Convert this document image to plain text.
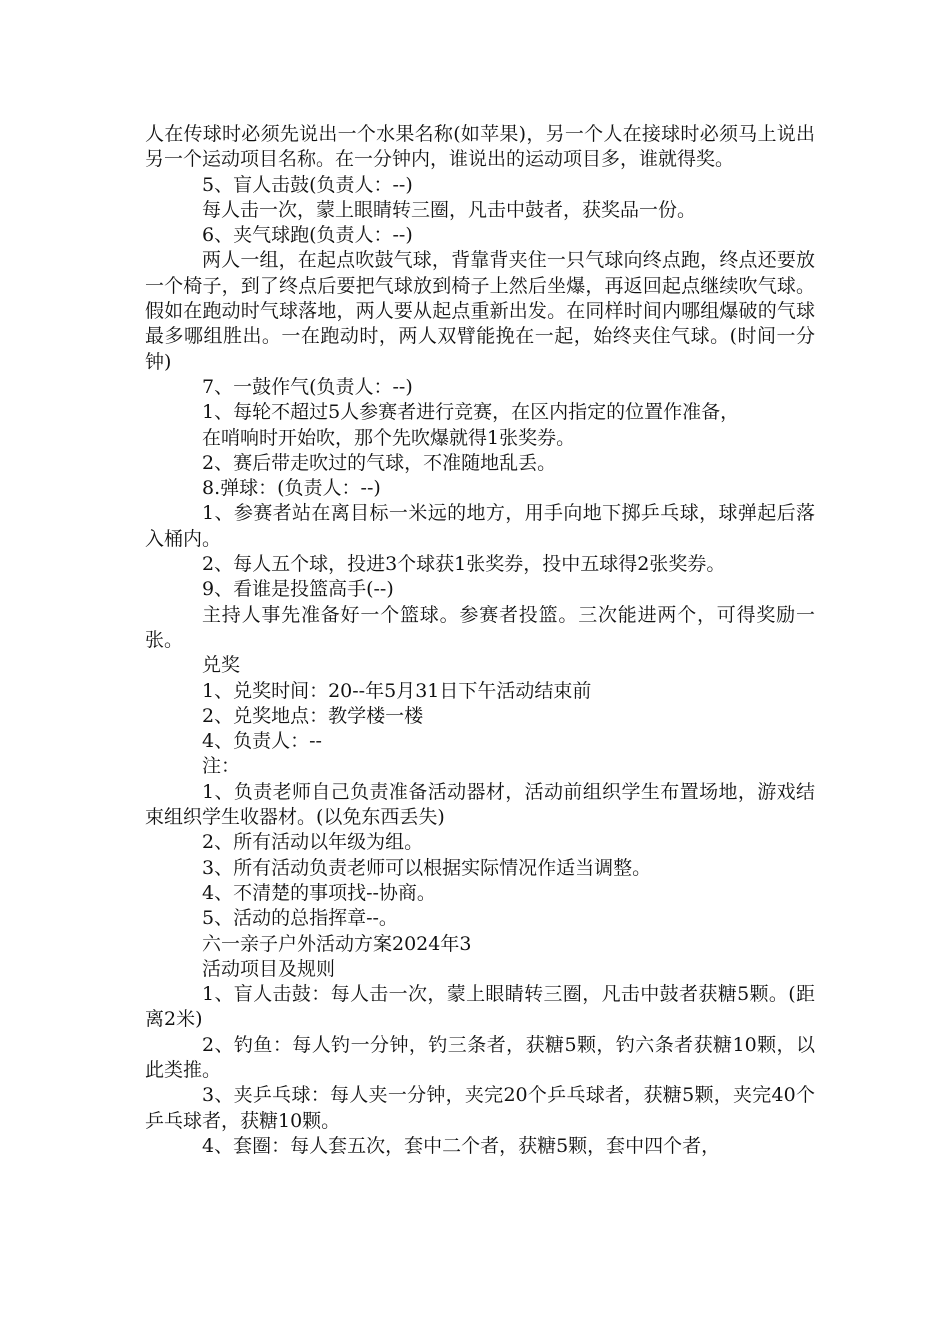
人在传球时必须先说出一个水果名称(如苹果)，另一个人在接球时必须马上说出另一个运动项目名称。在一分钟内，谁说出的运动项目多，谁就得奖。

5、盲人击鼓(负责人：--)

每人击一次，蒙上眼睛转三圈，凡击中鼓者，获奖品一份。

6、夹气球跑(负责人：--)

两人一组，在起点吹鼓气球，背靠背夹住一只气球向终点跑，终点还要放一个椅子，到了终点后要把气球放到椅子上然后坐爆，再返回起点继续吹气球。假如在跑动时气球落地，两人要从起点重新出发。在同样时间内哪组爆破的气球最多哪组胜出。一在跑动时，两人双臂能挽在一起，始终夹住气球。(时间一分钟)

7、一鼓作气(负责人：--)

1、每轮不超过5人参赛者进行竞赛，在区内指定的位置作准备，

在哨响时开始吹，那个先吹爆就得1张奖券。

2、赛后带走吹过的气球，不准随地乱丢。

8.弹球：(负责人：--)

1、参赛者站在离目标一米远的地方，用手向地下掷乒乓球，球弹起后落入桶内。

2、每人五个球，投进3个球获1张奖券，投中五球得2张奖券。

9、看谁是投篮高手(--)

主持人事先准备好一个篮球。参赛者投篮。三次能进两个，可得奖励一张。

兑奖

1、兑奖时间：20--年5月31日下午活动结束前

2、兑奖地点：教学楼一楼

4、负责人：--

注：

1、负责老师自己负责准备活动器材，活动前组织学生布置场地，游戏结束组织学生收器材。(以免东西丢失)

2、所有活动以年级为组。

3、所有活动负责老师可以根据实际情况作适当调整。

4、不清楚的事项找--协商。

5、活动的总指挥章--。

六一亲子户外活动方案2024年3

活动项目及规则

1、盲人击鼓：每人击一次，蒙上眼睛转三圈，凡击中鼓者获糖5颗。(距离2米)

2、钓鱼：每人钓一分钟，钓三条者，获糖5颗，钓六条者获糖10颗，以此类推。

3、夹乒乓球：每人夹一分钟，夹完20个乒乓球者，获糖5颗，夹完40个乒乓球者，获糖10颗。

4、套圈：每人套五次，套中二个者，获糖5颗，套中四个者，
